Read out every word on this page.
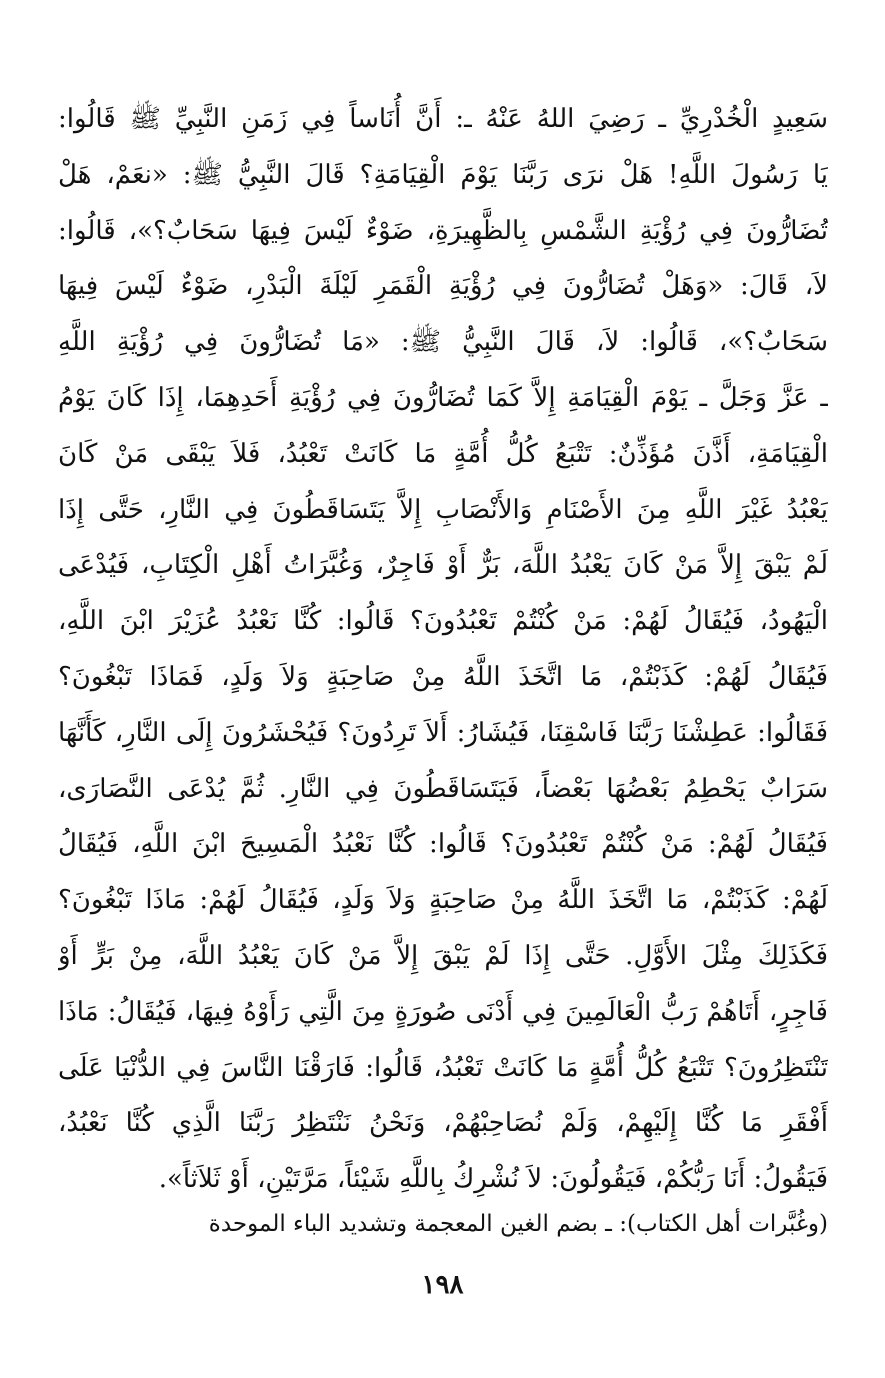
سَعِيدٍ الْخُدْرِيِّ ـ رَضِيَ اللهُ عَنْهُ ـ: أَنَّ أُنَاساً فِي زَمَنِ النَّبِيِّ ﷺ قَالُوا:
يَا رَسُولَ اللَّهِ! هَلْ نرَى رَبَّنَا يَوْمَ الْقِيَامَةِ؟ قَالَ النَّبِيُّ ﷺ: «نعَمْ، هَلْ
تُضَارُّونَ فِي رُؤْيَةِ الشَّمْسِ بِالظَّهِيرَةِ، ضَوْءٌ لَيْسَ فِيهَا سَحَابٌ؟»، قَالُوا:
لاَ، قَالَ: «وَهَلْ تُضَارُّونَ فِي رُؤْيَةِ الْقَمَرِ لَيْلَةَ الْبَدْرِ، ضَوْءٌ لَيْسَ فِيهَا
سَحَابٌ؟»، قَالُوا: لاَ، قَالَ النَّبِيُّ ﷺ: «مَا تُضَارُّونَ فِي رُؤْيَةِ اللَّهِ
ـ عَزَّ وَجَلَّ ـ يَوْمَ الْقِيَامَةِ إِلاَّ كَمَا تُضَارُّونَ فِي رُؤْيَةِ أَحَدِهِمَا، إِذَا كَانَ يَوْمُ
الْقِيَامَةِ، أَذَّنَ مُؤَذِّنٌ: تَتْبَعُ كُلُّ أُمَّةٍ مَا كَانَتْ تَعْبُدُ، فَلاَ يَبْقَى مَنْ كَانَ
يَعْبُدُ غَيْرَ اللَّهِ مِنَ الأَصْنَامِ وَالأَنْصَابِ إِلاَّ يَتَسَاقَطُونَ فِي النَّارِ، حَتَّى إِذَا
لَمْ يَبْقَ إِلاَّ مَنْ كَانَ يَعْبُدُ اللَّهَ، بَرٌّ أَوْ فَاجِرٌ، وَغُبَّرَاتُ أَهْلِ الْكِتَابِ، فَيُدْعَى
الْيَهُودُ، فَيُقَالُ لَهُمْ: مَنْ كُنْتُمْ تَعْبُدُونَ؟ قَالُوا: كُنَّا نَعْبُدُ عُزَيْرَ ابْنَ اللَّهِ،
فَيُقَالُ لَهُمْ: كَذَبْتُمْ، مَا اتَّخَذَ اللَّهُ مِنْ صَاحِبَةٍ وَلاَ وَلَدٍ، فَمَاذَا تَبْغُونَ؟
فَقَالُوا: عَطِشْنَا رَبَّنَا فَاسْقِنَا، فَيُشَارُ: أَلاَ تَرِدُونَ؟ فَيُحْشَرُونَ إِلَى النَّارِ، كَأَنَّهَا
سَرَابٌ يَحْطِمُ بَعْضُهَا بَعْضاً، فَيَتَسَاقَطُونَ فِي النَّارِ. ثُمَّ يُدْعَى النَّصَارَى،
فَيُقَالُ لَهُمْ: مَنْ كُنْتُمْ تَعْبُدُونَ؟ قَالُوا: كُنَّا نَعْبُدُ الْمَسِيحَ ابْنَ اللَّهِ، فَيُقَالُ
لَهُمْ: كَذَبْتُمْ، مَا اتَّخَذَ اللَّهُ مِنْ صَاحِبَةٍ وَلاَ وَلَدٍ، فَيُقَالُ لَهُمْ: مَاذَا تَبْغُونَ؟
فَكَذَلِكَ مِثْلَ الأَوَّلِ. حَتَّى إِذَا لَمْ يَبْقَ إِلاَّ مَنْ كَانَ يَعْبُدُ اللَّهَ، مِنْ بَرٍّ أَوْ
فَاجِرٍ، أَتَاهُمْ رَبُّ الْعَالَمِينَ فِي أَدْنَى صُورَةٍ مِنَ الَّتِي رَأَوْهُ فِيهَا، فَيُقَالُ: مَاذَا
تَنْتَظِرُونَ؟ تَتْبَعُ كُلُّ أُمَّةٍ مَا كَانَتْ تَعْبُدُ، قَالُوا: فَارَقْنَا النَّاسَ فِي الدُّنْيَا عَلَى
أَفْقَرِ مَا كُنَّا إِلَيْهِمْ، وَلَمْ نُصَاحِبْهُمْ، وَنَحْنُ نَنْتَظِرُ رَبَّنَا الَّذِي كُنَّا نَعْبُدُ،
فَيَقُولُ: أَنَا رَبُّكُمْ، فَيَقُولُونَ: لاَ نُشْرِكُ بِاللَّهِ شَيْئاً، مَرَّتَيْنِ، أَوْ ثَلاَثاً».
(وغُبَّرات أهل الكتاب): ـ بضم الغين المعجمة وتشديد الباء الموحدة
١٩٨
